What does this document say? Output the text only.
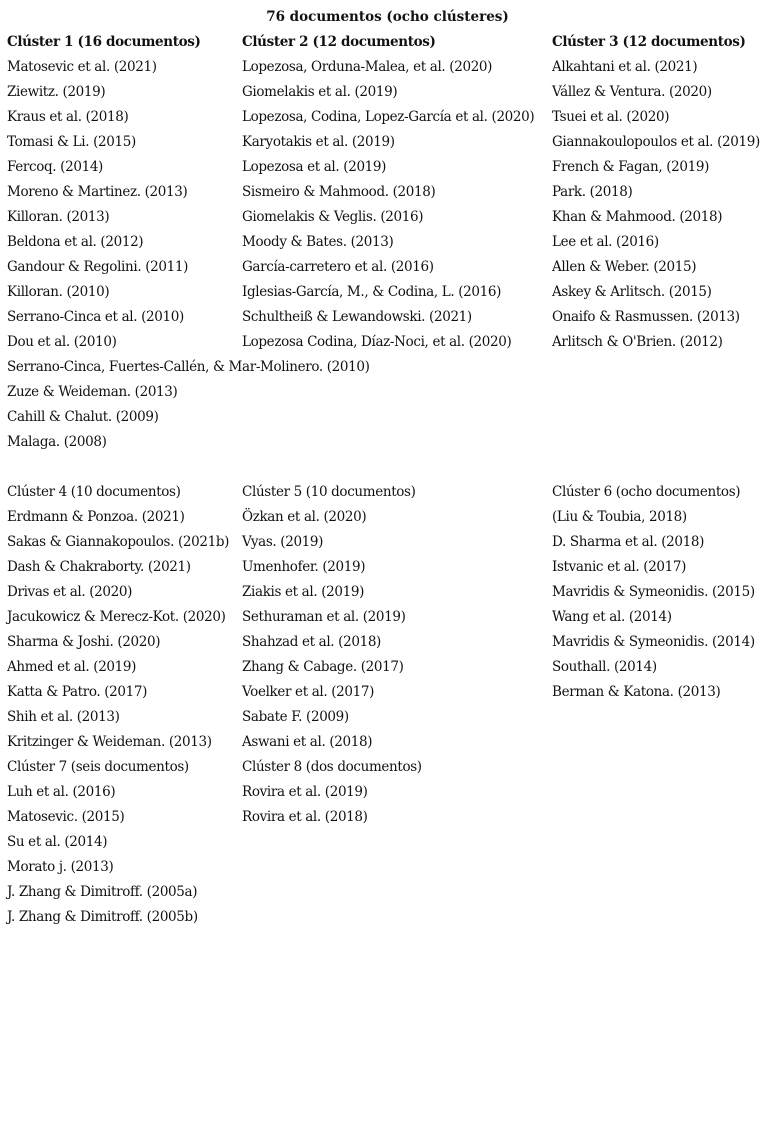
76 documentos (ocho clústeres)
Clúster 1 (16 documentos)
Matosevic et al. (2021)
Ziewitz. (2019)
Kraus et al. (2018)
Tomasi & Li. (2015)
Fercoq. (2014)
Moreno & Martinez. (2013)
Killoran. (2013)
Beldona et al. (2012)
Gandour & Regolini. (2011)
Killoran. (2010)
Serrano-Cinca et al. (2010)
Dou et al. (2010)
Serrano-Cinca, Fuertes-Callén, & Mar-Molinero. (2010)
Zuze & Weideman. (2013)
Cahill & Chalut. (2009)
Malaga. (2008)
Clúster 4 (10 documentos)
Erdmann & Ponzoa. (2021)
Sakas & Giannakopoulos. (2021b)
Dash & Chakraborty. (2021)
Drivas et al. (2020)
Jacukowicz & Merecz-Kot. (2020)
Sharma & Joshi. (2020)
Ahmed et al. (2019)
Katta & Patro. (2017)
Shih et al. (2013)
Kritzinger & Weideman. (2013)
Clúster 7 (seis documentos)
Luh et al. (2016)
Matosevic. (2015)
Su et al. (2014)
Morato j. (2013)
J. Zhang & Dimitroff. (2005a)
J. Zhang & Dimitroff. (2005b)
Clúster 2 (12 documentos)
Lopezosa, Orduna-Malea, et al. (2020)
Giomelakis et al. (2019)
Lopezosa, Codina, Lopez-García et al. (2020)
Karyotakis et al. (2019)
Lopezosa et al. (2019)
Sismeiro & Mahmood. (2018)
Giomelakis & Veglis. (2016)
Moody & Bates. (2013)
García-carretero et al. (2016)
Iglesias-García, M., & Codina, L. (2016)
Schultheiß & Lewandowski. (2021)
Lopezosa Codina, Díaz-Noci, et al. (2020)
Clúster 5 (10 documentos)
Özkan et al. (2020)
Vyas. (2019)
Umenhofer. (2019)
Ziakis et al. (2019)
Sethuraman et al. (2019)
Shahzad et al. (2018)
Zhang & Cabage. (2017)
Voelker et al. (2017)
Sabate F. (2009)
Aswani et al. (2018)
Clúster 8 (dos documentos)
Rovira et al. (2019)
Rovira et al. (2018)
Clúster 3 (12 documentos)
Alkahtani et al. (2021)
Vállez & Ventura. (2020)
Tsuei et al. (2020)
Giannakoulopoulos et al. (2019)
French & Fagan, (2019)
Park. (2018)
Khan & Mahmood. (2018)
Lee et al. (2016)
Allen & Weber. (2015)
Askey & Arlitsch. (2015)
Onaifo & Rasmussen. (2013)
Arlitsch & O'Brien. (2012)
Clúster 6 (ocho documentos)
(Liu & Toubia, 2018)
D. Sharma et al. (2018)
Istvanic et al. (2017)
Mavridis & Symeonidis. (2015)
Wang et al. (2014)
Mavridis & Symeonidis. (2014)
Southall. (2014)
Berman & Katona. (2013)
